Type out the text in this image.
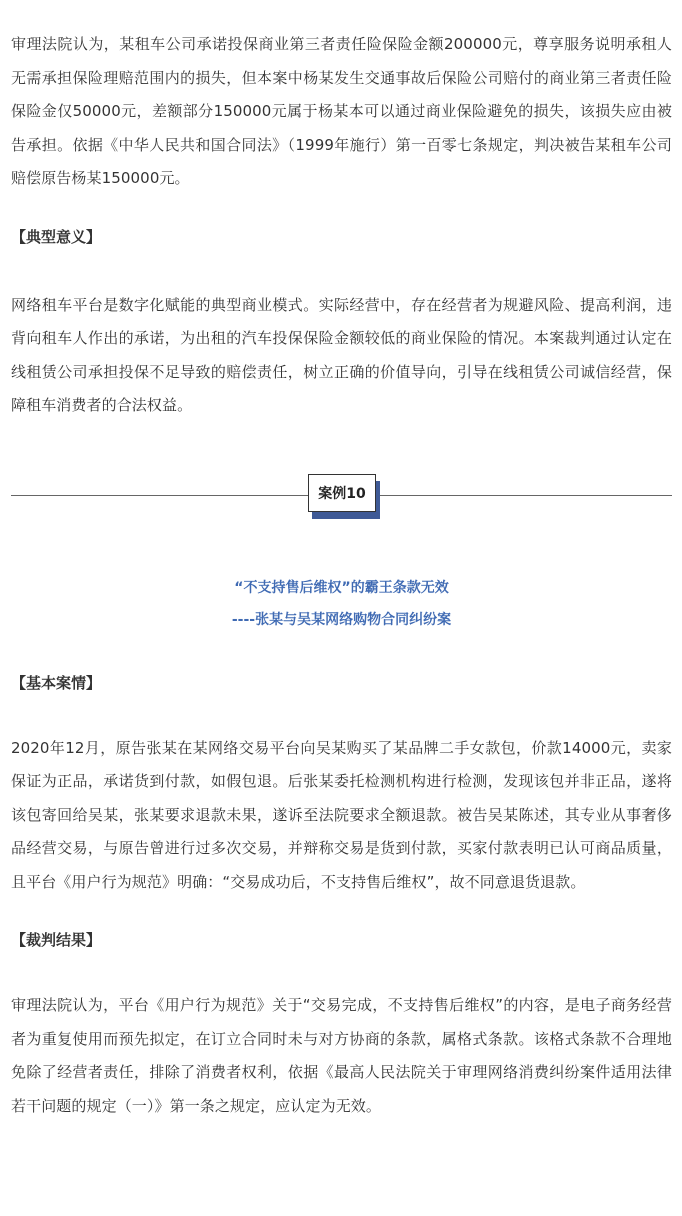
审理法院认为，某租车公司承诺投保商业第三者责任险保险金额200000元，尊享服务说明承租人无需承担保险理赔范围内的损失，但本案中杨某发生交通事故后保险公司赔付的商业第三者责任险保险金仅50000元，差额部分150000元属于杨某本可以通过商业保险避免的损失，该损失应由被告承担。依据《中华人民共和国合同法》（1999年施行）第一百零七条规定，判决被告某租车公司赔偿原告杨某150000元。

【典型意义】

网络租车平台是数字化赋能的典型商业模式。实际经营中，存在经营者为规避风险、提高利润，违背向租车人作出的承诺，为出租的汽车投保保险金额较低的商业保险的情况。本案裁判通过认定在线租赁公司承担投保不足导致的赔偿责任，树立正确的价值导向，引导在线租赁公司诚信经营，保障租车消费者的合法权益。

案例10

“不支持售后维权”的霸王条款无效

----张某与吴某网络购物合同纠纷案

【基本案情】

2020年12月，原告张某在某网络交易平台向吴某购买了某品牌二手女款包，价款14000元，卖家保证为正品，承诺货到付款，如假包退。后张某委托检测机构进行检测，发现该包并非正品，遂将该包寄回给吴某，张某要求退款未果，遂诉至法院要求全额退款。被告吴某陈述，其专业从事奢侈品经营交易，与原告曾进行过多次交易，并辩称交易是货到付款，买家付款表明已认可商品质量，且平台《用户行为规范》明确：“交易成功后，不支持售后维权”，故不同意退货退款。

【裁判结果】

审理法院认为，平台《用户行为规范》关于“交易完成，不支持售后维权”的内容，是电子商务经营者为重复使用而预先拟定，在订立合同时未与对方协商的条款，属格式条款。该格式条款不合理地免除了经营者责任，排除了消费者权利，依据《最高人民法院关于审理网络消费纠纷案件适用法律若干问题的规定（一）》第一条之规定，应认定为无效。
